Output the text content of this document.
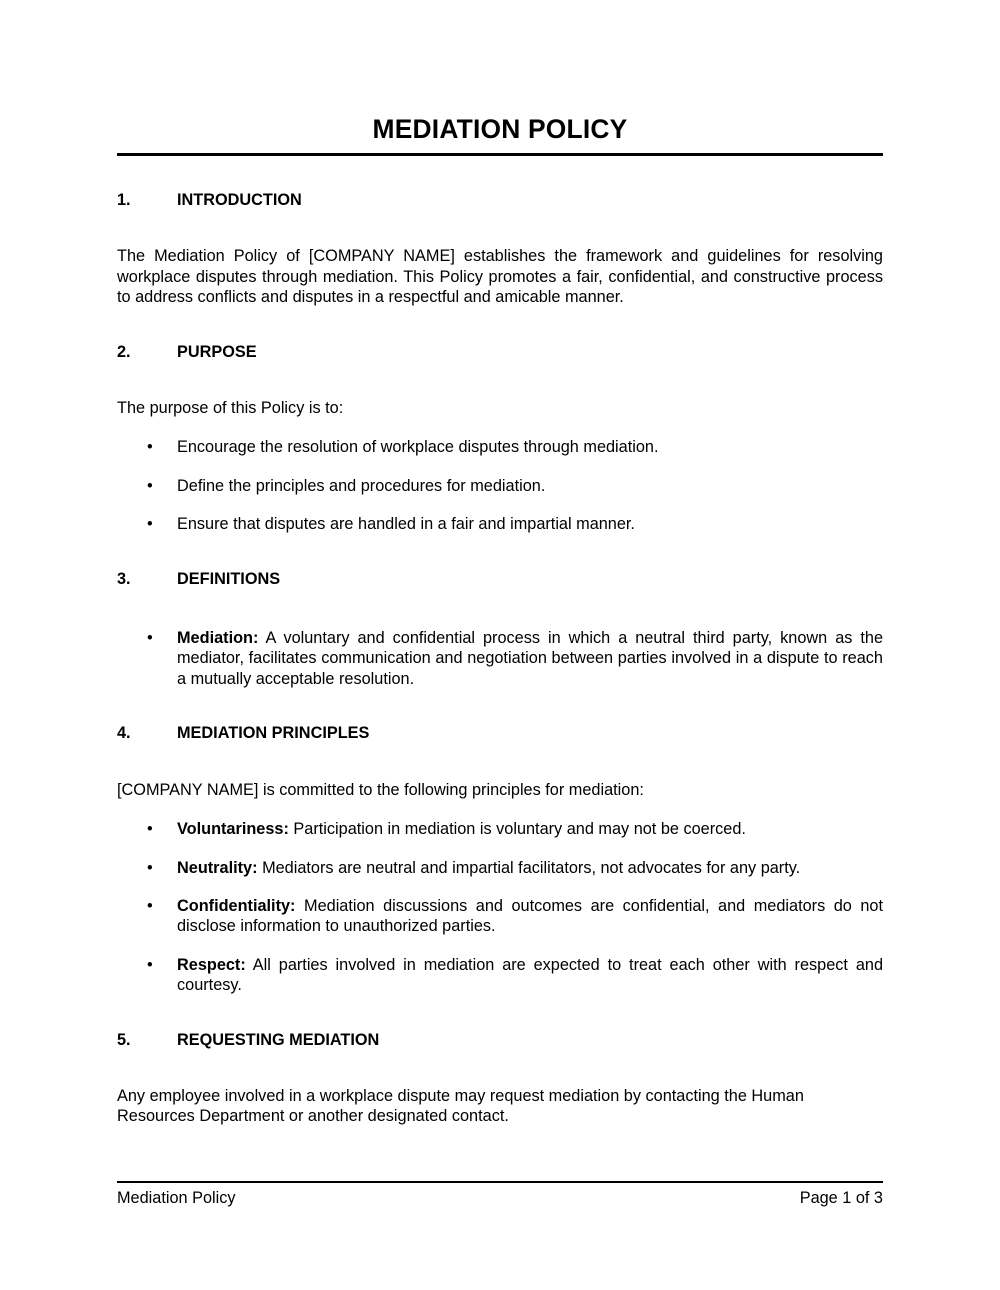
MEDIATION POLICY
1.	INTRODUCTION

The Mediation Policy of [COMPANY NAME] establishes the framework and guidelines for resolving workplace disputes through mediation. This Policy promotes a fair, confidential, and constructive process to address conflicts and disputes in a respectful and amicable manner.

2.	PURPOSE

The purpose of this Policy is to:

• Encourage the resolution of workplace disputes through mediation.
• Define the principles and procedures for mediation.
• Ensure that disputes are handled in a fair and impartial manner.
3.	DEFINITIONS
• Mediation: A voluntary and confidential process in which a neutral third party, known as the mediator, facilitates communication and negotiation between parties involved in a dispute to reach a mutually acceptable resolution.
4.	MEDIATION PRINCIPLES

[COMPANY NAME] is committed to the following principles for mediation:

• Voluntariness: Participation in mediation is voluntary and may not be coerced.
• Neutrality: Mediators are neutral and impartial facilitators, not advocates for any party.
• Confidentiality: Mediation discussions and outcomes are confidential, and mediators do not disclose information to unauthorized parties.
• Respect: All parties involved in mediation are expected to treat each other with respect and courtesy.
5.	REQUESTING MEDIATION

Any employee involved in a workplace dispute may request mediation by contacting the Human Resources Department or another designated contact.

Mediation Policy	Page 1 of 3
